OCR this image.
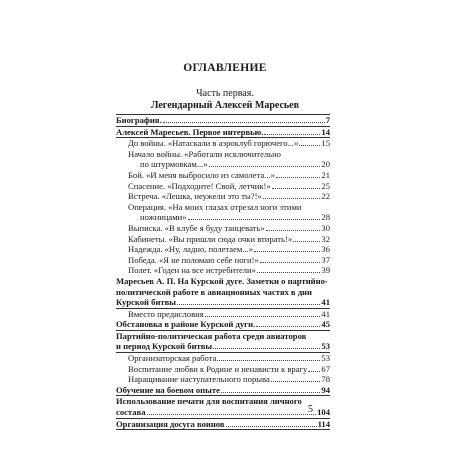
ОГЛАВЛЕНИЕ
Часть первая.
Легендарный Алексей Маресьев
Биография.	7
Алексей Маресьев. Первое интервью.	14
До войны. «Натаскали в аэроклуб горючего...»	15
Начало войны. «Работали исключительно
по штурмовкам...»	20
Бой. «И меня выбросило из самолета...»	21
Спасение. «Подходите! Свой, летчик!»	25
Встреча. «Лешка, неужели это ты?!»	22
Операция. «На моих глазах отрезал ноги этими
ножницами»	28
Выписка. «В клубе я буду танцевать»	30
Кабинеты. «Вы пришли сюда очки втирать!»	32
Надежда. «Ну, ладно, полетаем...»	36
Победа. «Я не поломаю себе ноги!»	37
Полет. «Годен на все истребители»	39
Маресьев А. П. На Курской дуге. Заметки о партийно-
политической работе в авиационных частях в дни
Курской битвы	41
Вместо предисловия	41
Обстановка в районе Курской дуги.	45
Партийно-политическая работа среди авиаторов
и период Курской битвы	53
Организаторская работа	53
Воспитание любви к Родине и ненависти к врагу 67
Наращивание наступательного порыва	78
Обучение на боевом опыте	94
Использование печати для воспитания личного
состава	104
Организация досуга воинов	114
5
